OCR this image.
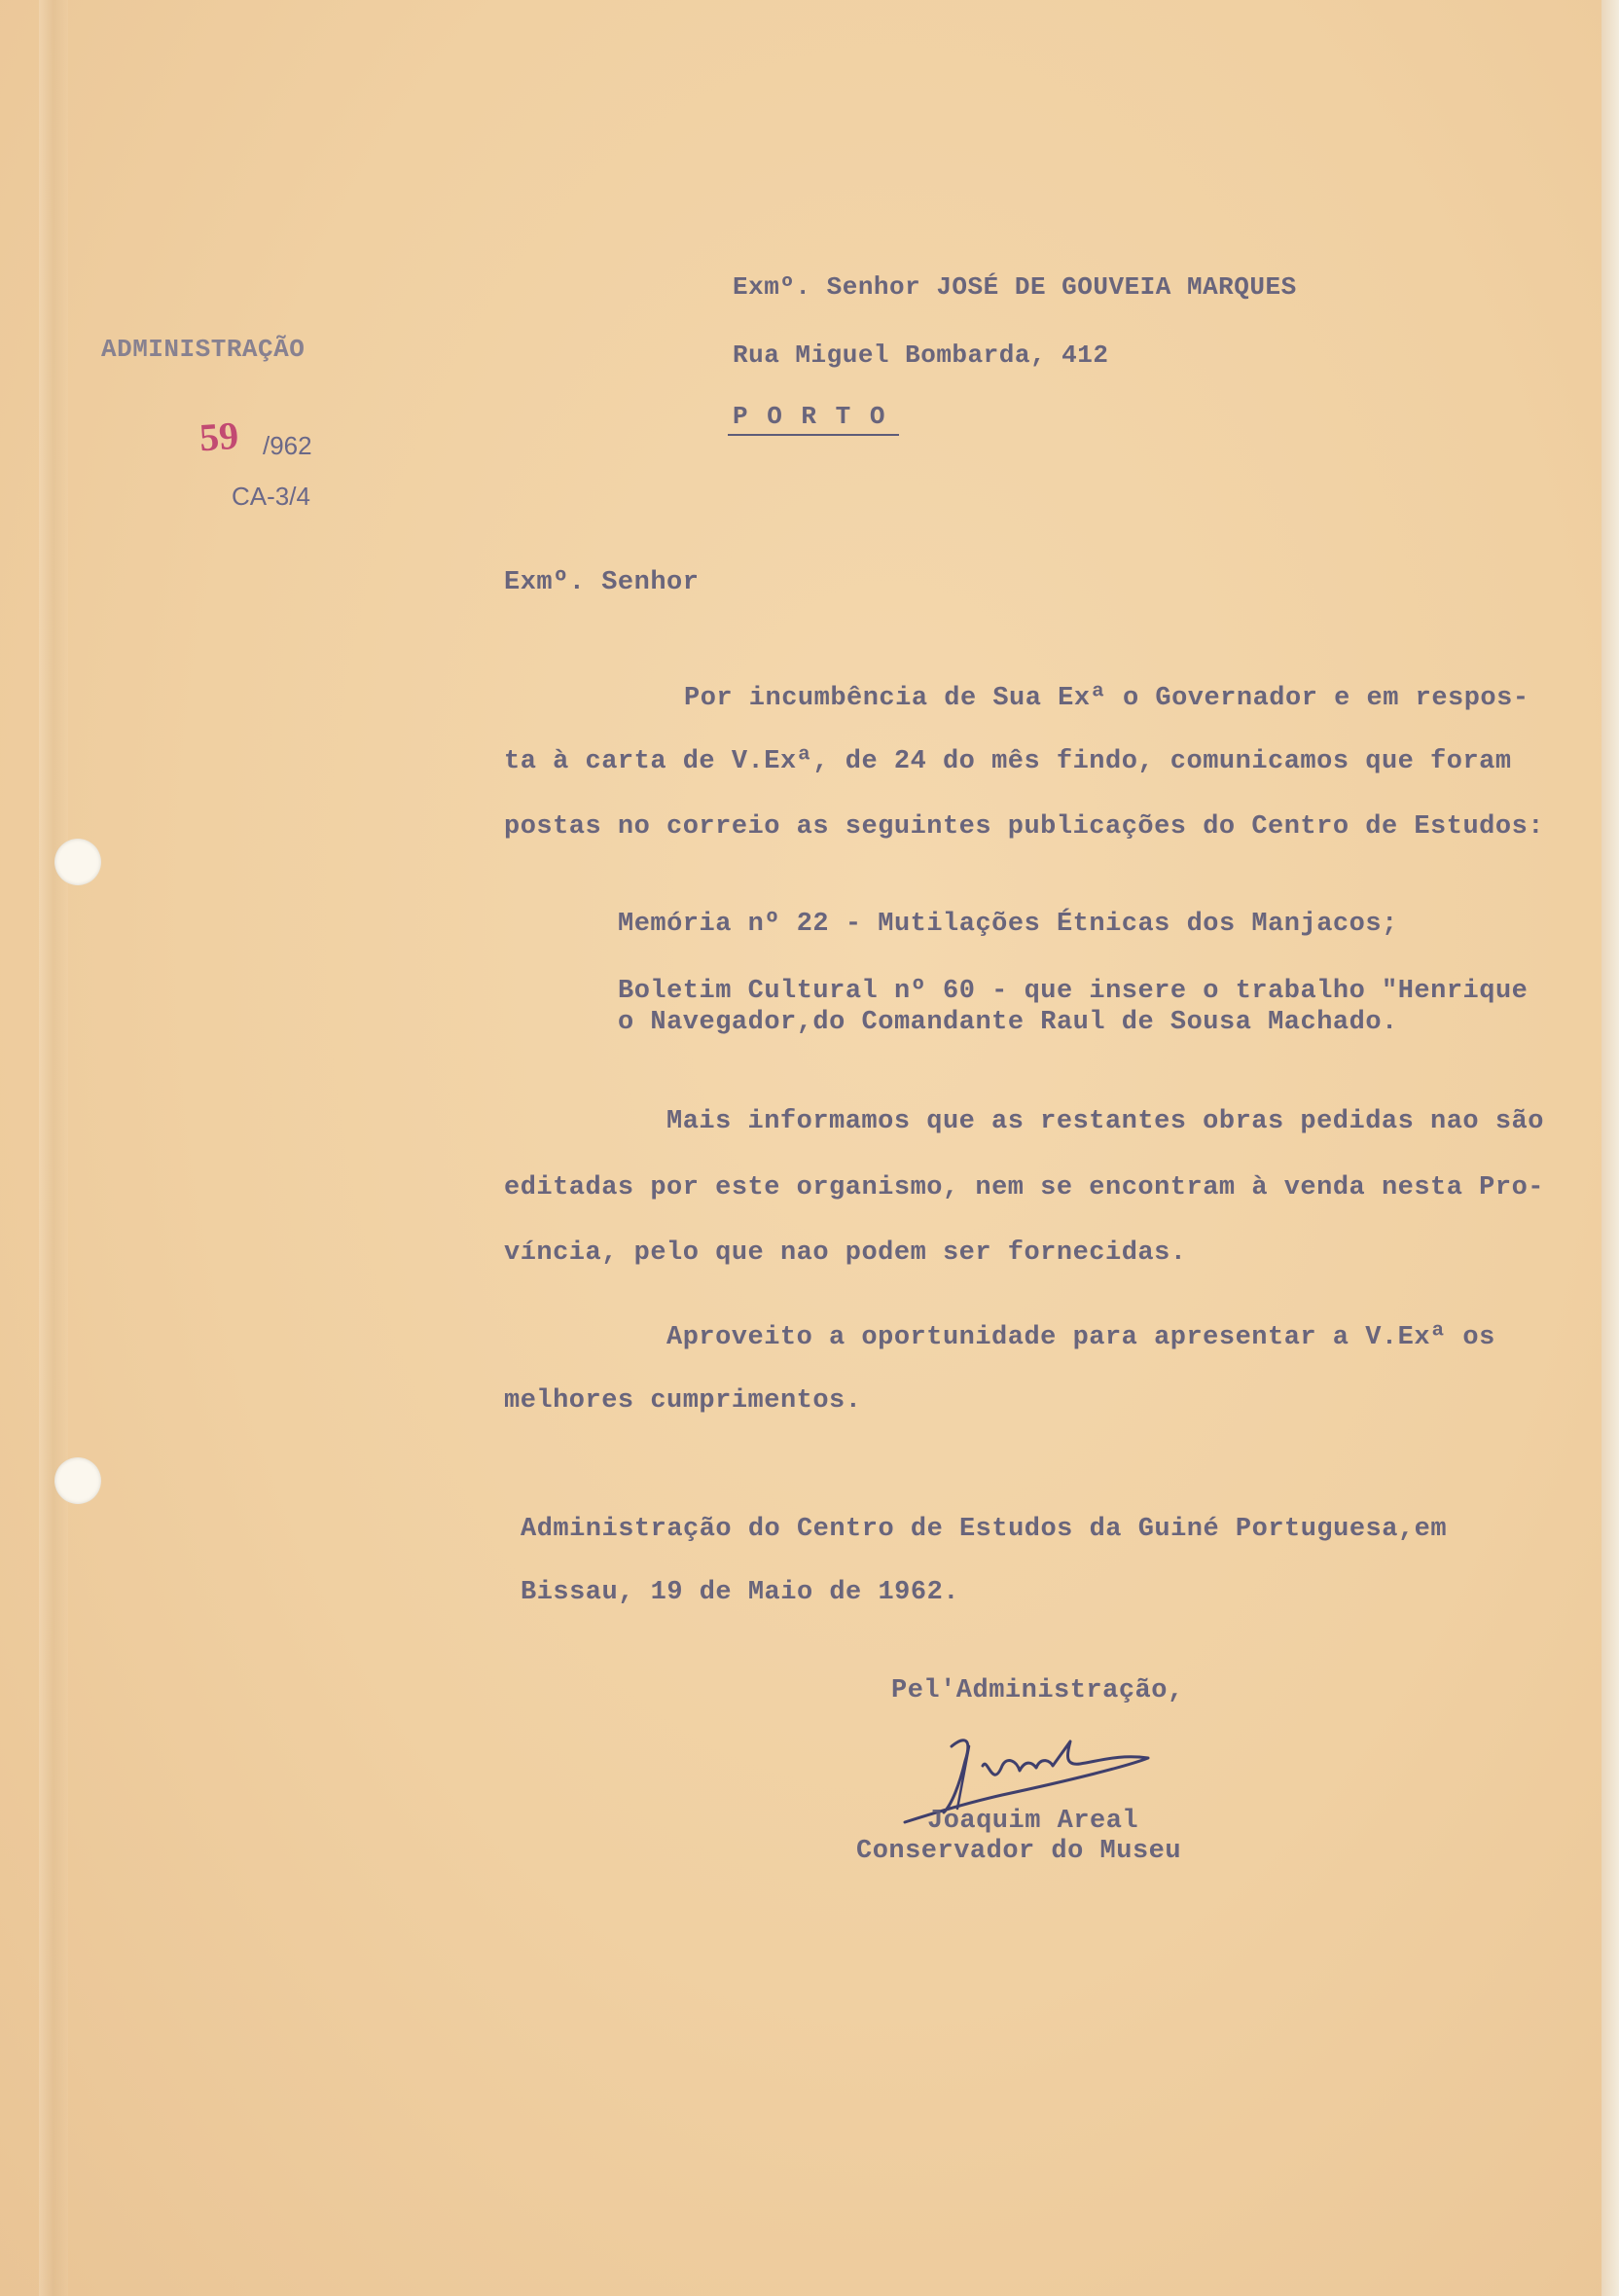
ADMINISTRAÇÃO
59 /962
CA-3/4
Exmº. Senhor JOSÉ DE GOUVEIA MARQUES
Rua Miguel Bombarda, 412
P O R T O
Exmº. Senhor
Por incumbência de Sua Exª o Governador e em respos-
ta à carta de V.Exª, de 24 do mês findo, comunicamos que foram
postas no correio as seguintes publicações do Centro de Estudos:
Memória nº 22 - Mutilações Étnicas dos Manjacos;
Boletim Cultural nº 60 - que insere o trabalho "Henrique
o Navegador,do Comandante Raul de Sousa Machado.
Mais informamos que as restantes obras pedidas nao são
editadas por este organismo, nem se encontram à venda nesta Pro-
víncia, pelo que nao podem ser fornecidas.
Aproveito a oportunidade para apresentar a V.Exª os
melhores cumprimentos.
Administração do Centro de Estudos da Guiné Portuguesa,em
Bissau, 19 de Maio de 1962.
Pel'Administração,
Joaquim Areal
Conservador do Museu
